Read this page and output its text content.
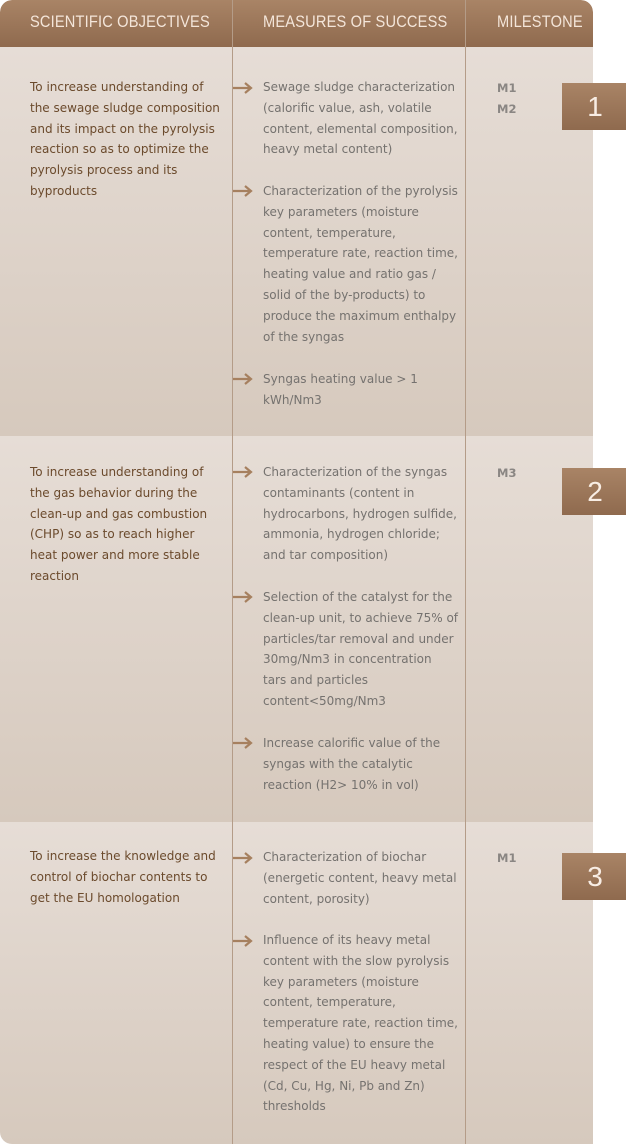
SCIENTIFIC OBJECTIVES	MEASURES OF SUCCESS	MILESTONE
To increase understanding of the sewage sludge composition and its impact on the pyrolysis reaction so as to optimize the pyrolysis process and its byproducts
Sewage sludge characterization (calorific value, ash, volatile content, elemental composition, heavy metal content)
Characterization of the pyrolysis key parameters (moisture content, temperature, temperature rate, reaction time, heating value and ratio gas / solid of the by-products) to produce the maximum enthalpy of the syngas
Syngas heating value > 1 kWh/Nm3
M1
M2
To increase understanding of the gas behavior during the clean-up and gas combustion (CHP) so as to reach higher heat power and more stable reaction
Characterization of the syngas contaminants (content in hydrocarbons, hydrogen sulfide, ammonia, hydrogen chloride; and tar composition)
Selection of the catalyst for the clean-up unit, to achieve 75% of particles/tar removal and under 30mg/Nm3 in concentration tars and particles content<50mg/Nm3
Increase calorific value of the syngas with the catalytic reaction (H2> 10% in vol)
M3
To increase the knowledge and control of biochar contents to get the EU homologation
Characterization of biochar (energetic content, heavy metal content, porosity)
Influence of its heavy metal content with the slow pyrolysis key parameters (moisture content, temperature, temperature rate, reaction time, heating value) to ensure the respect of the EU heavy metal (Cd, Cu, Hg, Ni, Pb and Zn) thresholds
M1
1
2
3
